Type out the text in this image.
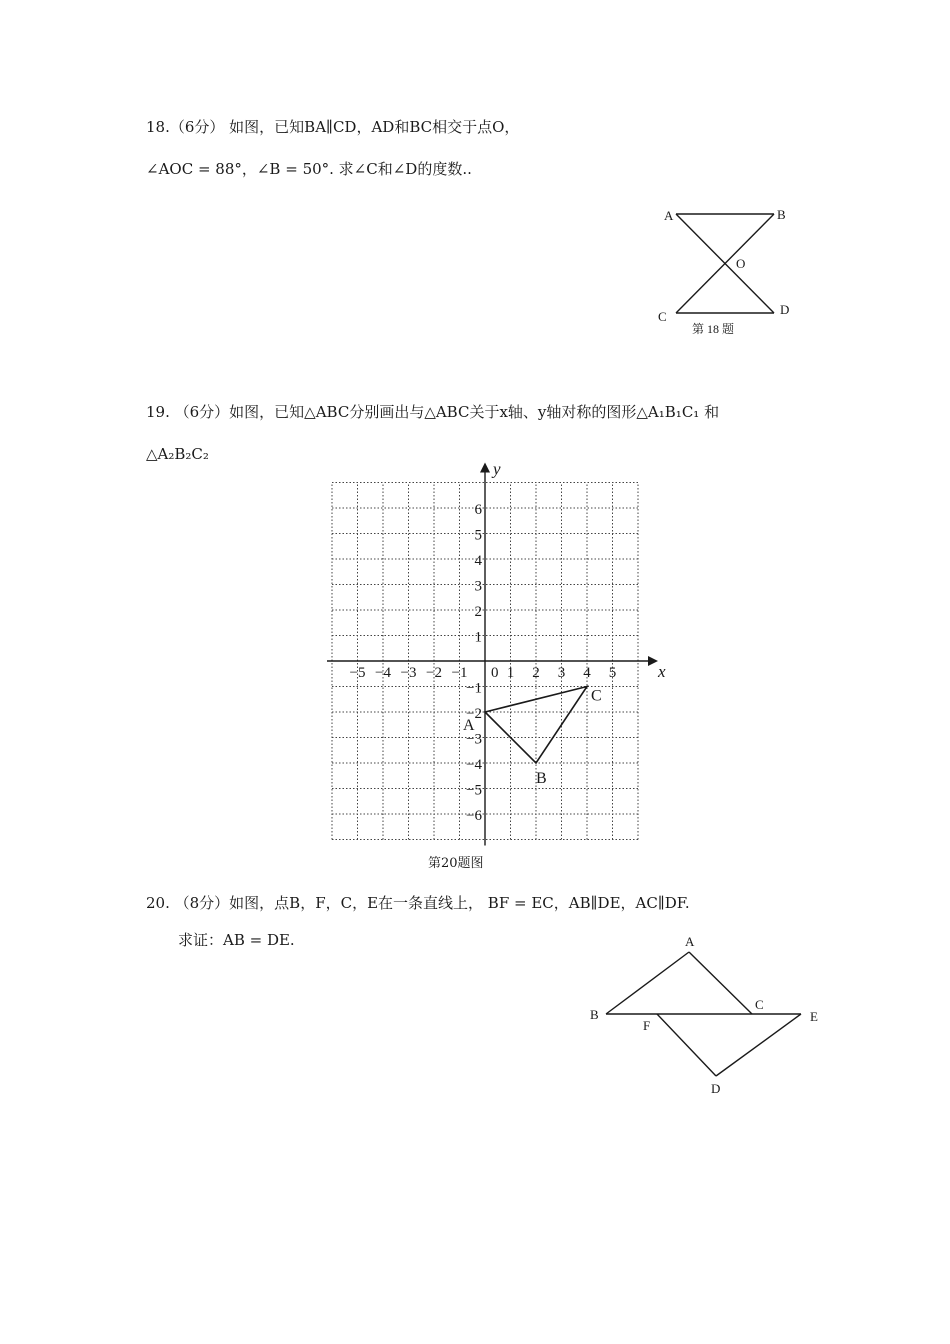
18.（6分） 如图，已知BA∥CD，AD和BC相交于点O，
∠AOC = 88°，∠B = 50°. 求∠C和∠D的度数..
A	B
O
C	D
第 18 题
19. （6分）如图，已知△ABC分别画出与△ABC关于x轴、y轴对称的图形△A₁B₁C₁ 和
△A₂B₂C₂
x
y
−5 −4 −3 −2 −1	1 2 3 4 5
6
5
4
3
2
1
−1
−2
−3
−4
−5
−6
0
A
B
C
第20题图
20. （8分）如图，点B，F，C，E在一条直线上， BF = EC，AB∥DE，AC∥DF.
求证：AB = DE.	A
B
F
C
E
D
